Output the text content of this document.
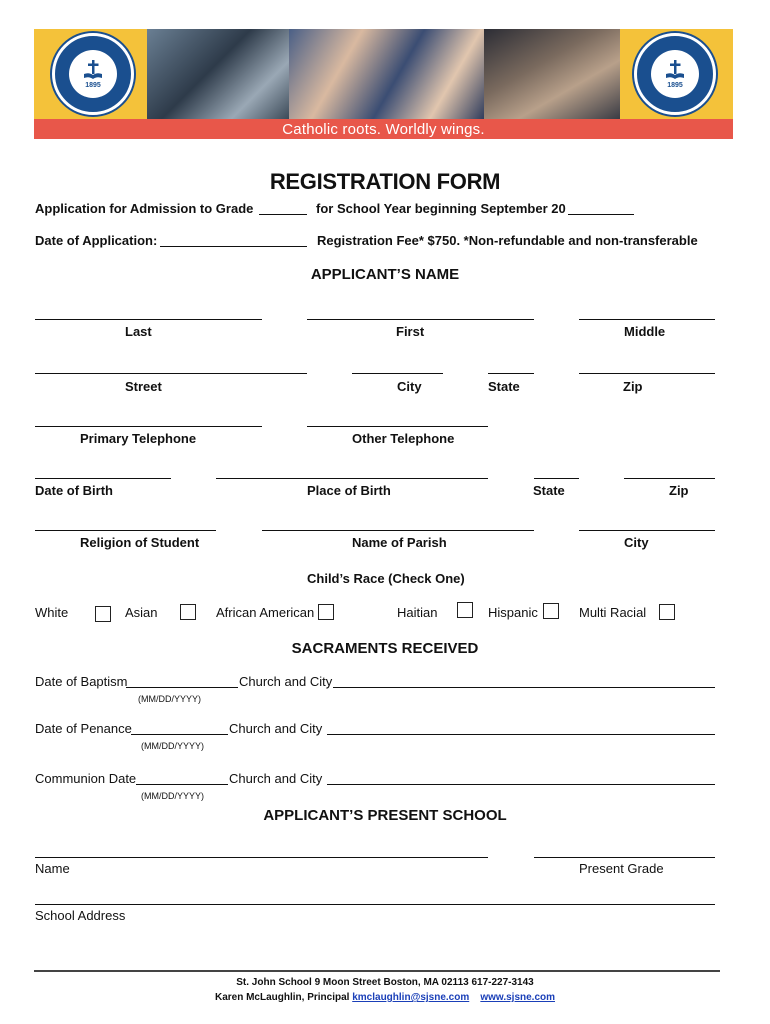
1895	1895
Catholic roots. Worldly wings.
REGISTRATION FORM
Application for Admission to Grade	for School Year beginning September 20
Date of Application:	Registration Fee* $750. *Non-refundable and non-transferable
APPLICANT’S NAME
Last	First	Middle
Street	City	State	Zip
Primary Telephone	Other Telephone
Date of Birth	Place of Birth	State	Zip
Religion of Student	Name of Parish	City
Child’s Race (Check One)
White	Asian	African American	Haitian	Hispanic	Multi Racial
SACRAMENTS RECEIVED
Date of Baptism	Church and City
(MM/DD/YYYY)
Date of Penance	Church and City
(MM/DD/YYYY)
Communion Date	Church and City
(MM/DD/YYYY)
APPLICANT’S PRESENT SCHOOL
Name	Present Grade
School Address
St. John School 9 Moon Street Boston, MA 02113 617-227-3143
Karen McLaughlin, Principal kmclaughlin@sjsne.com www.sjsne.com
